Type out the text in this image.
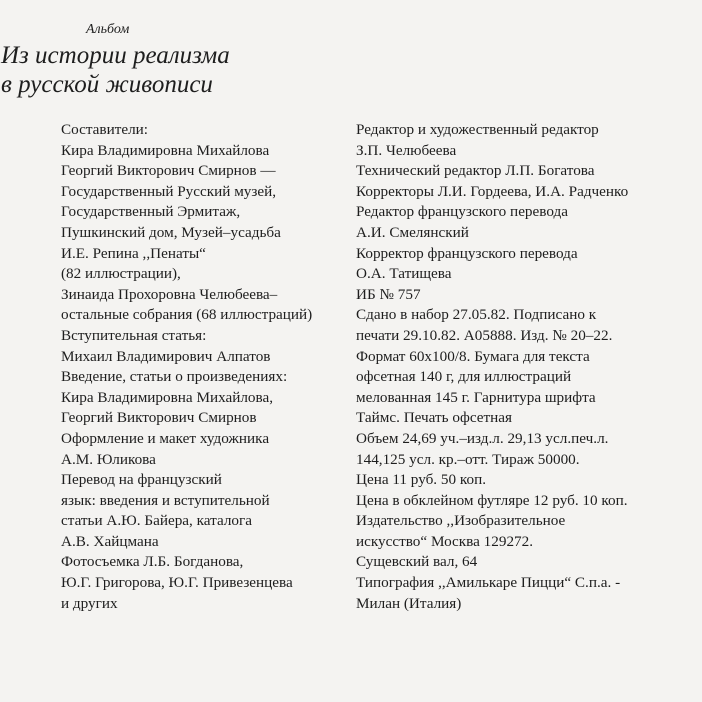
Альбом
Из истории реализма
в русской живописи
Составители:
Кира Владимировна Михайлова
Георгий Викторович Смирнов —
Государственный Русский музей,
Государственный Эрмитаж,
Пушкинский дом, Музей–усадьба
И.Е. Репина ,,Пенаты“
(82 иллюстрации),
Зинаида Прохоровна Челюбеева–
остальные собрания (68 иллюстраций)
Вступительная статья:
Михаил Владимирович Алпатов
Введение, статьи о произведениях:
Кира Владимировна Михайлова,
Георгий Викторович Смирнов
Оформление и макет художника
А.М. Юликова
Перевод на французский
язык: введения и вступительной
статьи А.Ю. Байера, каталога
А.В. Хайцмана
Фотосъемка Л.Б. Богданова,
Ю.Г. Григорова, Ю.Г. Привезенцева
и других
Редактор и художественный редактор
З.П. Челюбеева
Технический редактор Л.П. Богатова
Корректоры Л.И. Гордеева, И.А. Радченко
Редактор французского перевода
А.И. Смелянский
Корректор французского перевода
О.А. Татищева
ИБ № 757
Сдано в набор 27.05.82. Подписано к
печати 29.10.82. А05888. Изд. № 20–22.
Формат 60x100/8. Бумага для текста
офсетная 140 г, для иллюстраций
мелованная 145 г. Гарнитура шрифта
Таймс. Печать офсетная
Объем 24,69 уч.–изд.л. 29,13 усл.печ.л.
144,125 усл. кр.–отт. Тираж 50000.
Цена 11 руб. 50 коп.
Цена в обклейном футляре 12 руб. 10 коп.
Издательство ,,Изобразительное
искусство“ Москва 129272.
Сущевский вал, 64
Типография ,,Амилькаре Пицци“ С.п.а. -
Милан (Италия)
